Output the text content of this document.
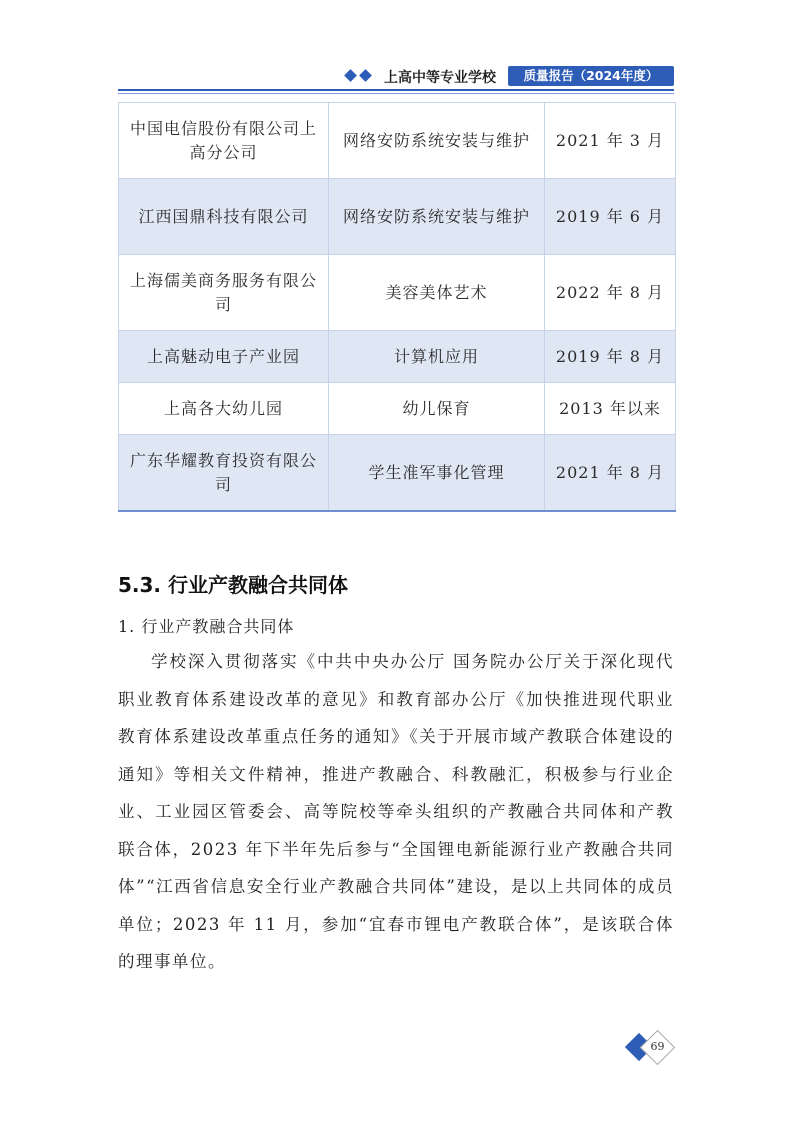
上高中等专业学校	质量报告（2024年度）
中国电信股份有限公司上高分公司	网络安防系统安装与维护	2021 年 3 月
江西国鼎科技有限公司	网络安防系统安装与维护	2019 年 6 月
上海儒美商务服务有限公司	美容美体艺术	2022 年 8 月
上高魅动电子产业园	计算机应用	2019 年 8 月
上高各大幼儿园	幼儿保育	2013 年以来
广东华耀教育投资有限公司	学生准军事化管理	2021 年 8 月
5.3. 行业产教融合共同体
1. 行业产教融合共同体

学校深入贯彻落实《中共中央办公厅 国务院办公厅关于深化现代职业教育体系建设改革的意见》和教育部办公厅《加快推进现代职业教育体系建设改革重点任务的通知》《关于开展市域产教联合体建设的通知》等相关文件精神，推进产教融合、科教融汇，积极参与行业企业、工业园区管委会、高等院校等牵头组织的产教融合共同体和产教联合体，2023 年下半年先后参与“全国锂电新能源行业产教融合共同体”“江西省信息安全行业产教融合共同体”建设，是以上共同体的成员单位；2023 年 11 月，参加“宜春市锂电产教联合体”，是该联合体的理事单位。

69
